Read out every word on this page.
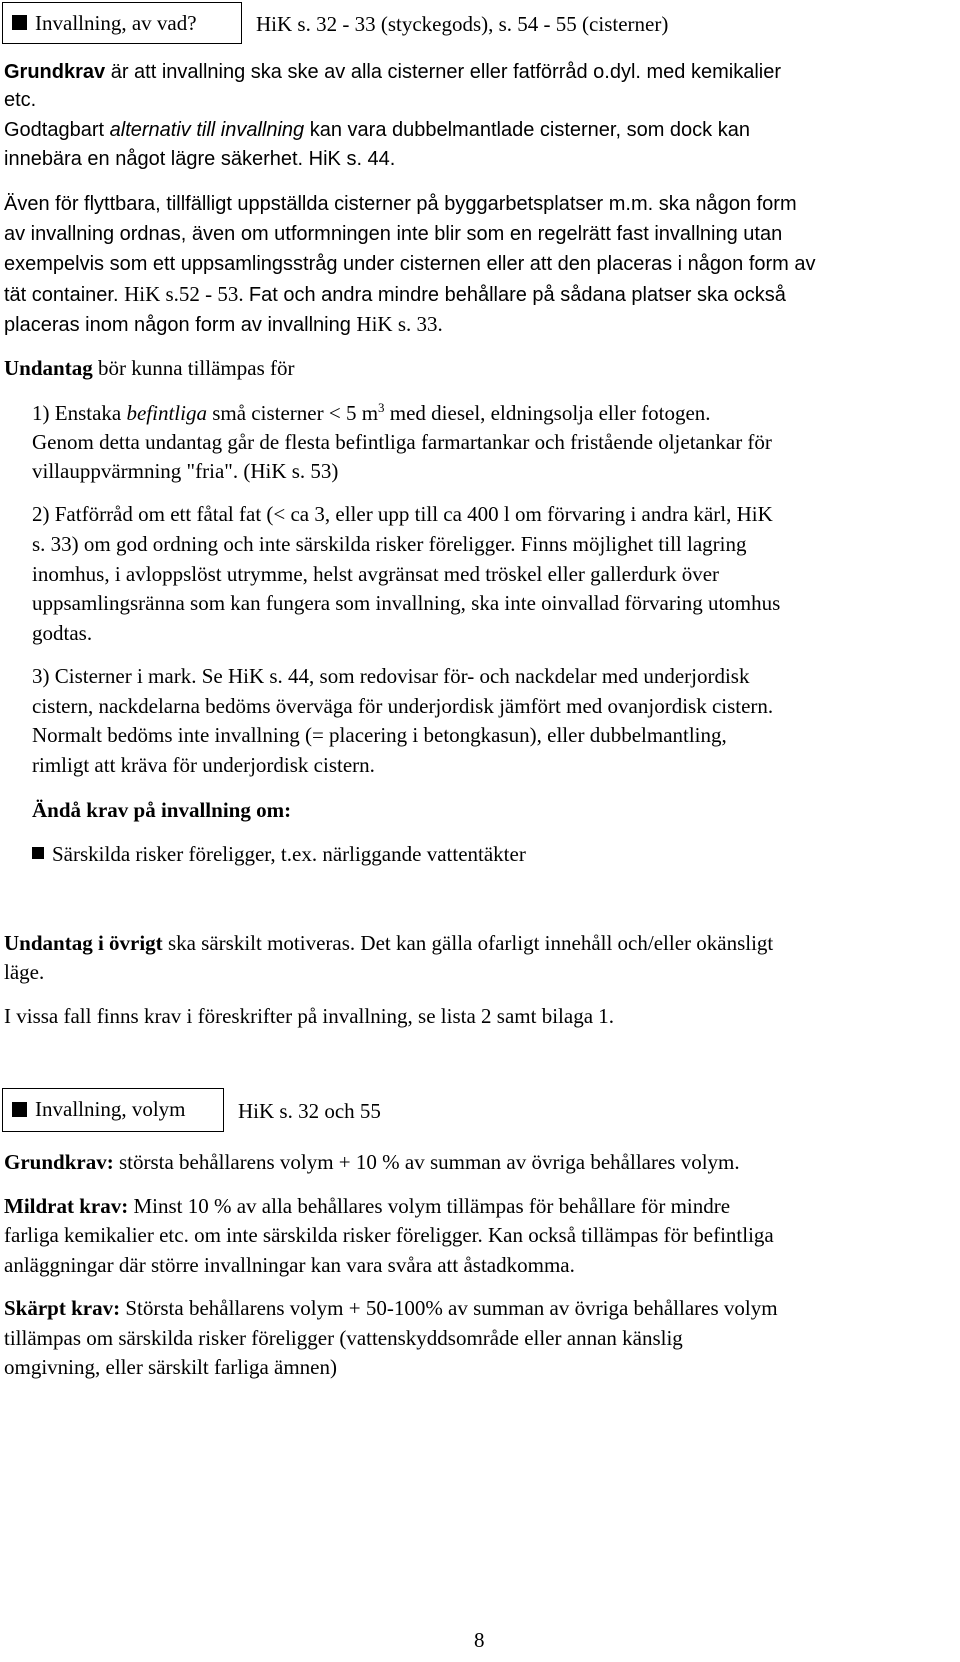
Invallning, av vad?	HiK s. 32 - 33 (styckegods), s. 54 - 55 (cisterner)
Grundkrav är att invallning ska ske av alla cisterner eller fatförråd o.dyl. med kemikalier
etc.
Godtagbart alternativ till invallning kan vara dubbelmantlade cisterner, som dock kan
innebära en något lägre säkerhet. HiK s. 44.
Även för flyttbara, tillfälligt uppställda cisterner på byggarbetsplatser m.m. ska någon form
av invallning ordnas, även om utformningen inte blir som en regelrätt fast invallning utan
exempelvis som ett uppsamlingsstråg under cisternen eller att den placeras i någon form av
tät container. HiK s.52 - 53. Fat och andra mindre behållare på sådana platser ska också
placeras inom någon form av invallning HiK s. 33.
Undantag bör kunna tillämpas för
1) Enstaka befintliga små cisterner < 5 $m^3$ med diesel, eldningsolja eller fotogen.
Genom detta undantag går de flesta befintliga farmartankar och fristående oljetankar för
villauppvärmning "fria". (HiK s. 53)
2) Fatförråd om ett fåtal fat (< ca 3, eller upp till ca 400 l om förvaring i andra kärl, HiK
s. 33) om god ordning och inte särskilda risker föreligger. Finns möjlighet till lagring
inomhus, i avloppslöst utrymme, helst avgränsat med tröskel eller gallerdurk över
uppsamlingsränna som kan fungera som invallning, ska inte oinvallad förvaring utomhus
godtas.
3) Cisterner i mark. Se HiK s. 44, som redovisar för- och nackdelar med underjordisk
cistern, nackdelarna bedöms överväga för underjordisk jämfört med ovanjordisk cistern.
Normalt bedöms inte invallning (= placering i betongkasun), eller dubbelmantling,
rimligt att kräva för underjordisk cistern.
Ändå krav på invallning om:
Särskilda risker föreligger, t.ex. närliggande vattentäkter
Undantag i övrigt ska särskilt motiveras. Det kan gälla ofarligt innehåll och/eller okänsligt
läge.
I vissa fall finns krav i föreskrifter på invallning, se lista 2 samt bilaga 1.
Invallning, volym	HiK s. 32 och 55
Grundkrav: största behållarens volym + 10 % av summan av övriga behållares volym.
Mildrat krav: Minst 10 % av alla behållares volym tillämpas för behållare för mindre
farliga kemikalier etc. om inte särskilda risker föreligger. Kan också tillämpas för befintliga
anläggningar där större invallningar kan vara svåra att åstadkomma.
Skärpt krav: Största behållarens volym + 50-100% av summan av övriga behållares volym
tillämpas om särskilda risker föreligger (vattenskyddsområde eller annan känslig
omgivning, eller särskilt farliga ämnen)
8
